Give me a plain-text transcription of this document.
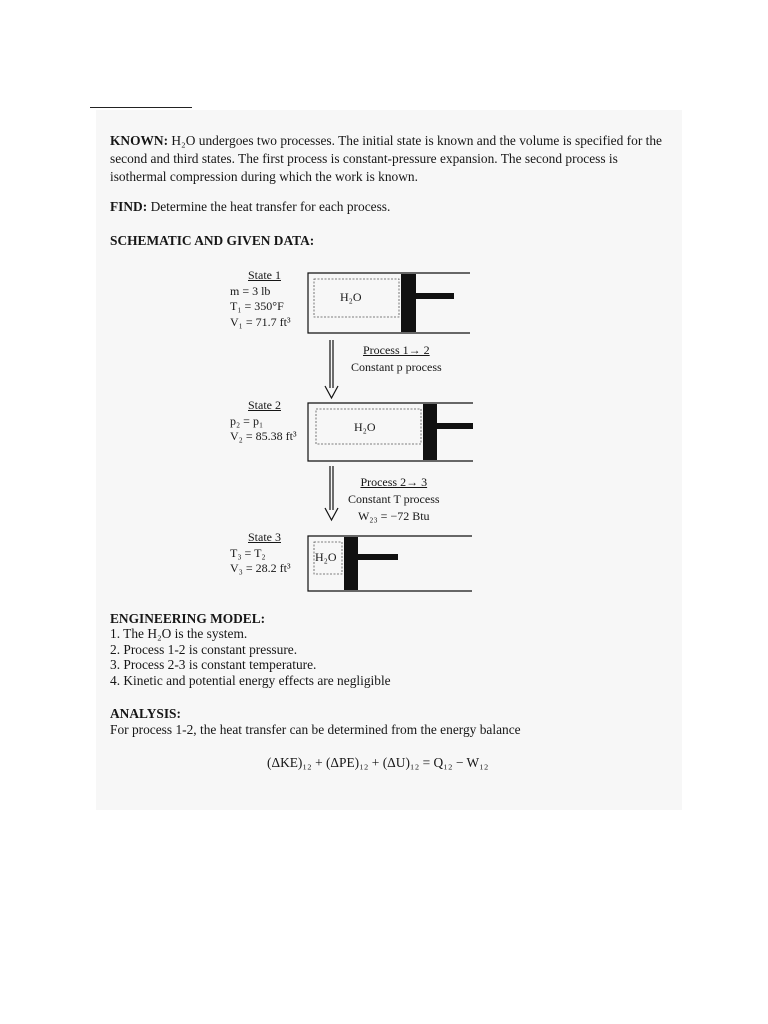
KNOWN: H₂O undergoes two processes. The initial state is known and the volume is specified for the second and third states. The first process is constant-pressure expansion. The second process is isothermal compression during which the work is known.

FIND: Determine the heat transfer for each process.

SCHEMATIC AND GIVEN DATA:
H₂O
H₂O
H₂O
State 1
m = 3 lb
T₁ = 350°F
V₁ = 71.7 ft³
Process 1→ 2
Constant p process
State 2
p₂ = p₁
V₂ = 85.38 ft³
Process 2→ 3
Constant T process
W₂₃ = −72 Btu
State 3
T₃ = T₂
V₃ = 28.2 ft³
ENGINEERING MODEL:
1. The H₂O is the system.
2. Process 1-2 is constant pressure.
3. Process 2-3 is constant temperature.
4. Kinetic and potential energy effects are negligible
ANALYSIS:
For process 1-2, the heat transfer can be determined from the energy balance
(ΔKE)₁₂ + (ΔPE)₁₂ + (ΔU)₁₂ = Q₁₂ − W₁₂
